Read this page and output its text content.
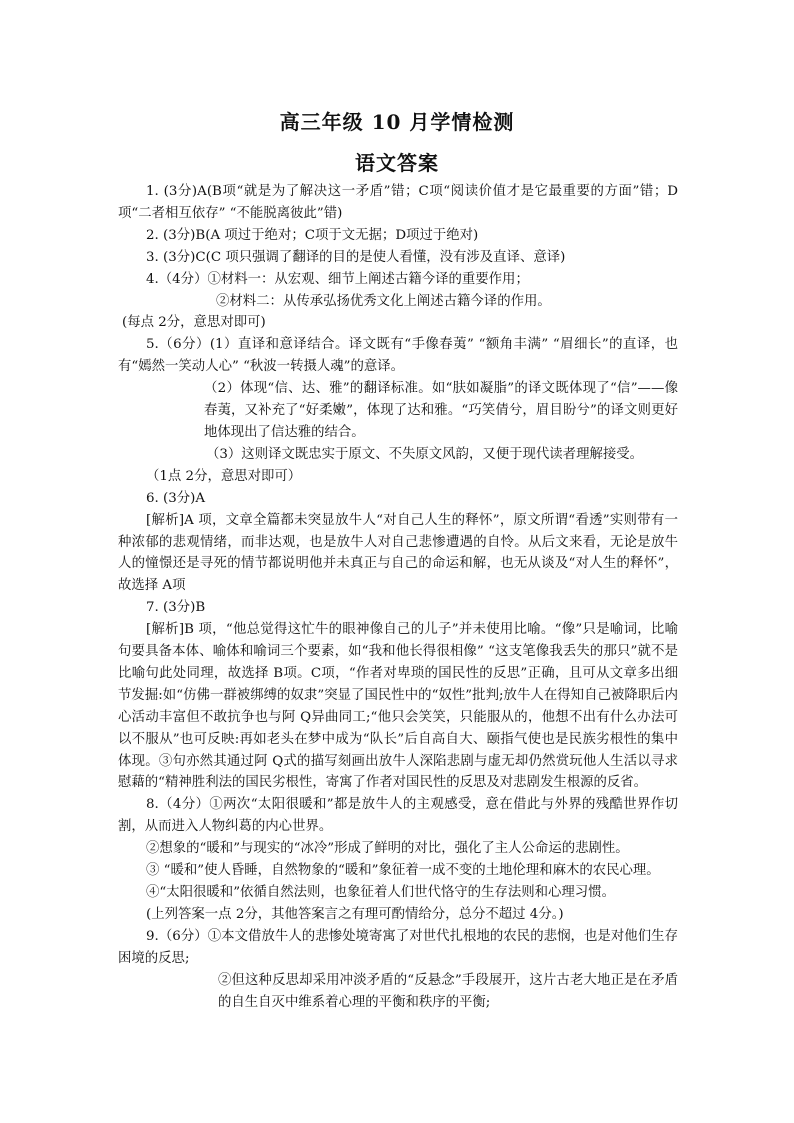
高三年级 10 月学情检测
语文答案

1. (3分)A(B项“就是为了解决这一矛盾”错；C项“阅读价值才是它最重要的方面”错；D项“二者相互依存” “不能脱离彼此”错)

2. (3分)B(A 项过于绝对；C项于文无据；D项过于绝对)

3. (3分)C(C 项只强调了翻译的目的是使人看懂，没有涉及直译、意译)

4.（4分）①材料一：从宏观、细节上阐述古籍今译的重要作用；

②材料二：从传承弘扬优秀文化上阐述古籍今译的作用。

(每点 2分，意思对即可)

5.（6分）(1）直译和意译结合。译文既有“手像春荑” “额角丰满” “眉细长”的直译，也有“嫣然一笑动人心” “秋波一转摄人魂”的意译。

（2）体现“信、达、雅”的翻译标准。如“肤如凝脂”的译文既体现了“信”——像春荑，又补充了“好柔嫩”，体现了达和雅。“巧笑倩兮，眉目盼兮”的译文则更好地体现出了信达雅的结合。

（3）这则译文既忠实于原文、不失原文风韵，又便于现代读者理解接受。

（1点 2分，意思对即可）

6. (3分)A

[解析]A 项，文章全篇都未突显放牛人“对自己人生的释怀”，原文所谓“看透”实则带有一种浓郁的悲观情绪，而非达观，也是放牛人对自己悲惨遭遇的自怜。从后文来看，无论是放牛人的憧憬还是寻死的情节都说明他并未真正与自己的命运和解，也无从谈及“对人生的释怀”，故选择 A项

7. (3分)B

[解析]B 项，“他总觉得这忙牛的眼神像自己的儿子”并未使用比喻。“像”只是喻词，比喻句要具备本体、喻体和喻词三个要素，如“我和他长得很相像” “这支笔像我丢失的那只”就不是比喻句此处同理，故选择 B项。C项，“作者对卑琐的国民性的反思”正确，且可从文章多出细节发掘:如“仿佛一群被绑缚的奴隶”突显了国民性中的“奴性”批判;放牛人在得知自己被降职后内心活动丰富但不敢抗争也与阿 Q异曲同工;“他只会笑笑，只能服从的，他想不出有什么办法可以不服从”也可反映:再如老头在梦中成为“队长”后自高自大、颐指气使也是民族劣根性的集中体现。③句亦然其通过阿 Q式的描写刻画出放牛人深陷悲剧与虚无却仍然赏玩他人生活以寻求慰藉的“精神胜利法的国民劣根性，寄寓了作者对国民性的反思及对悲剧发生根源的反省。

8.（4分）①两次“太阳很暖和”都是放牛人的主观感受，意在借此与外界的残酷世界作切割，从而进入人物纠葛的内心世界。

②想象的“暖和”与现实的“冰冷”形成了鲜明的对比，强化了主人公命运的悲剧性。

③ “暖和”使人昏睡，自然物象的“暖和”象征着一成不变的土地伦理和麻木的农民心理。

④“太阳很暖和”依循自然法则，也象征着人们世代恪守的生存法则和心理习惯。

(上列答案一点 2分，其他答案言之有理可酌情给分，总分不超过 4分。)

9.（6分）①本文借放牛人的悲惨处境寄寓了对世代扎根地的农民的悲悯，也是对他们生存困境的反思;

②但这种反思却采用冲淡矛盾的“反悬念”手段展开，这片古老大地正是在矛盾的自生自灭中维系着心理的平衡和秩序的平衡;
